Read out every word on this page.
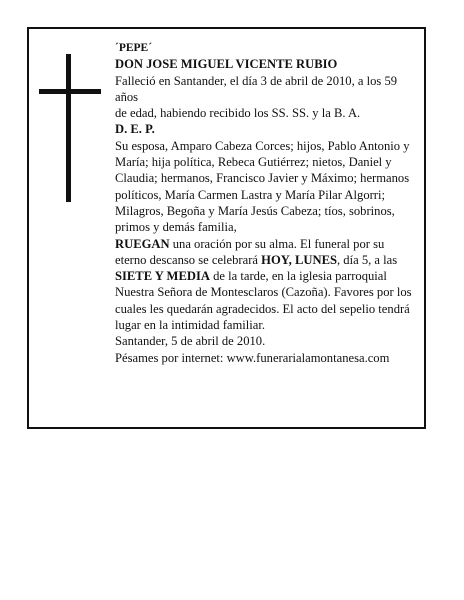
´PEPE´

DON JOSE MIGUEL VICENTE RUBIO

Falleció en Santander, el día 3 de abril de 2010, a los 59 años

de edad, habiendo recibido los SS. SS. y la B. A.

D. E. P.

Su esposa, Amparo Cabeza Corces; hijos, Pablo Antonio y María; hija política, Rebeca Gutiérrez; nietos, Daniel y Claudia; hermanos, Francisco Javier y Máximo; hermanos políticos, María Carmen Lastra y María Pilar Algorri; Milagros, Begoña y María Jesús Cabeza; tíos, sobrinos, primos y demás familia,

RUEGAN una oración por su alma. El funeral por su eterno descanso se celebrará HOY, LUNES, día 5, a las SIETE Y MEDIA de la tarde, en la iglesia parroquial Nuestra Señora de Montesclaros (Cazoña). Favores por los cuales les quedarán agradecidos. El acto del sepelio tendrá lugar en la intimidad familiar.

Santander, 5 de abril de 2010.

Pésames por internet: www.funerarialamontanesa.com
